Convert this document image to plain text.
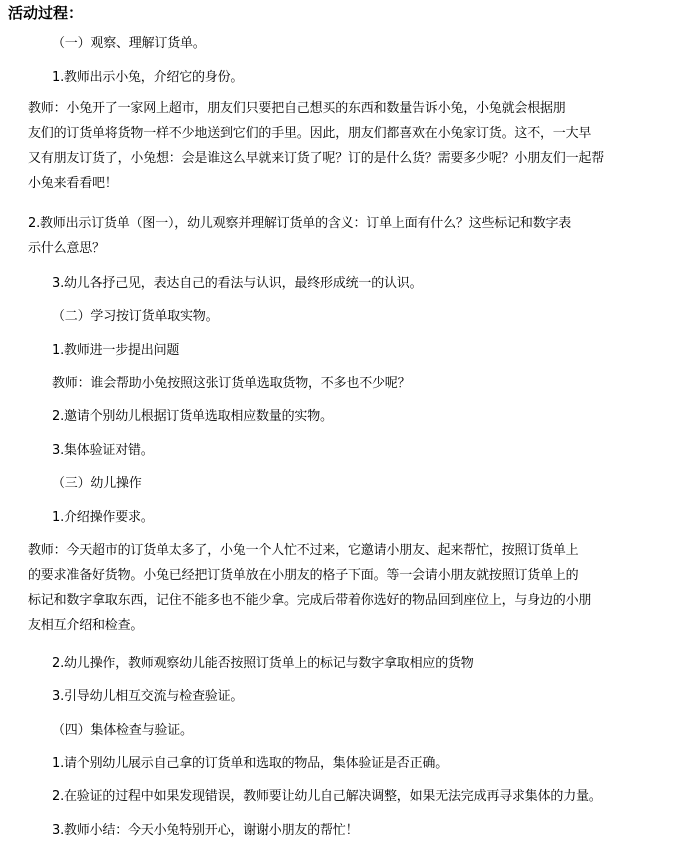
活动过程：

（一）观察、理解订货单。

1.教师出示小兔，介绍它的身份。

教师：小兔开了一家网上超市，朋友们只要把自己想买的东西和数量告诉小兔，小兔就会根据朋
友们的订货单将货物一样不少地送到它们的手里。因此，朋友们都喜欢在小兔家订货。这不，一大早
又有朋友订货了，小兔想：会是谁这么早就来订货了呢？订的是什么货？需要多少呢？小朋友们一起帮
小兔来看看吧！

2.教师出示订货单（图一），幼儿观察并理解订货单的含义：订单上面有什么？这些标记和数字表
示什么意思？

3.幼儿各抒己见，表达自己的看法与认识，最终形成统一的认识。

（二）学习按订货单取实物。

1.教师进一步提出问题

教师：谁会帮助小兔按照这张订货单选取货物，不多也不少呢？

2.邀请个别幼儿根据订货单选取相应数量的实物。

3.集体验证对错。

（三）幼儿操作

1.介绍操作要求。

教师：今天超市的订货单太多了，小兔一个人忙不过来，它邀请小朋友、起来帮忙，按照订货单上
的要求准备好货物。小兔已经把订货单放在小朋友的格子下面。等一会请小朋友就按照订货单上的
标记和数字拿取东西，记住不能多也不能少拿。完成后带着你选好的物品回到座位上，与身边的小朋
友相互介绍和检查。

2.幼儿操作，教师观察幼儿能否按照订货单上的标记与数字拿取相应的货物

3.引导幼儿相互交流与检查验证。

（四）集体检查与验证。

1.请个别幼儿展示自己拿的订货单和选取的物品，集体验证是否正确。

2.在验证的过程中如果发现错误，教师要让幼儿自己解决调整，如果无法完成再寻求集体的力量。

3.教师小结：今天小兔特别开心，谢谢小朋友的帮忙！
